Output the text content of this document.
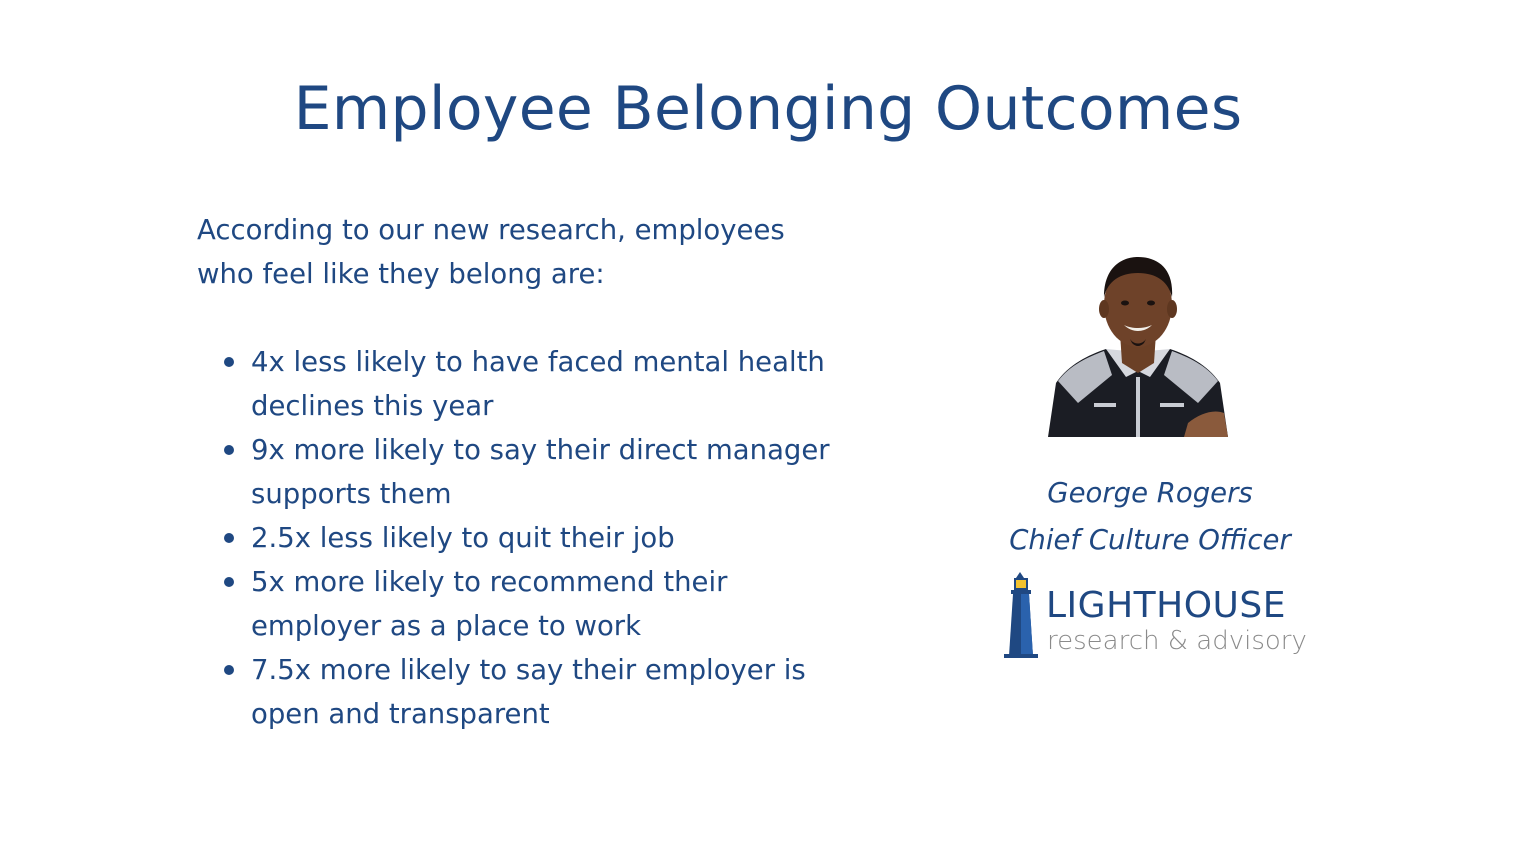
Employee Belonging Outcomes

According to our new research, employees
who feel like they belong are:

4x less likely to have faced mental health
declines this year
9x more likely to say their direct manager
supports them
2.5x less likely to quit their job
5x more likely to recommend their
employer as a place to work
7.5x more likely to say their employer is
open and transparent
George Rogers
Chief Culture Officer
LIGHTHOUSE
research & advisory
